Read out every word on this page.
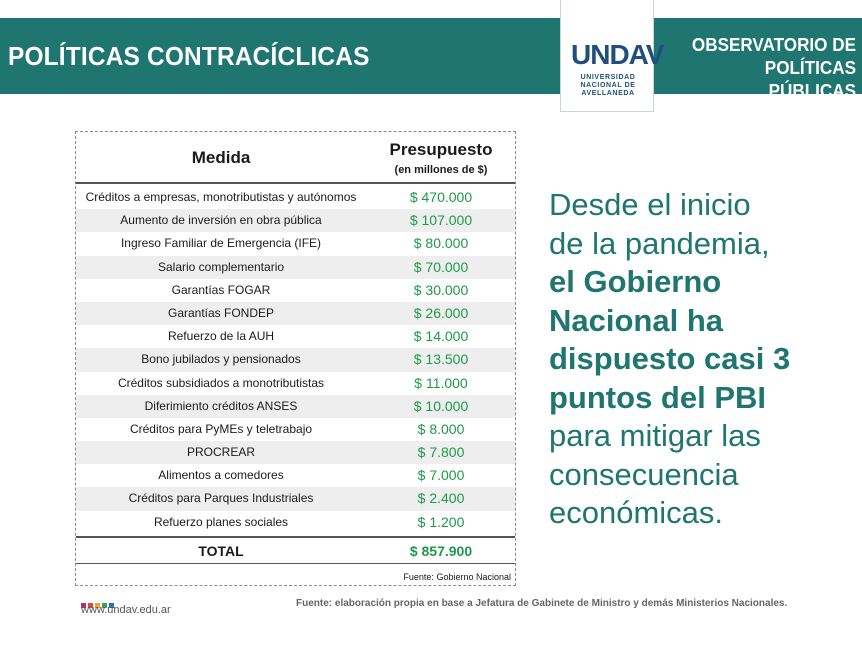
POLÍTICAS CONTRACÍCLICAS	UNDAV
UNIVERSIDAD
NACIONAL DE
AVELLANEDA
OBSERVATORIO DE
POLÍTICAS PÚBLICAS
Medida	Presupuesto
(en millones de $)
Créditos a empresas, monotributistas y autónomos	$ 470.000
Aumento de inversión en obra pública	$ 107.000
Ingreso Familiar de Emergencia (IFE)	$ 80.000
Salario complementario	$ 70.000
Garantías FOGAR	$ 30.000
Garantías FONDEP	$ 26.000
Refuerzo de la AUH	$ 14.000
Bono jubilados y pensionados	$ 13.500
Créditos subsidiados a monotributistas	$ 11.000
Diferimiento créditos ANSES	$ 10.000
Créditos para PyMEs y teletrabajo	$ 8.000
PROCREAR	$ 7.800
Alimentos a comedores	$ 7.000
Créditos para Parques Industriales	$ 2.400
Refuerzo planes sociales	$ 1.200
TOTAL	$ 857.900
Fuente: Gobierno Nacional
Desde el inicio
de la pandemia,
el Gobierno
Nacional ha
dispuesto casi 3
puntos del PBI
para mitigar las
consecuencia
económicas.
www.undav.edu.ar
Fuente: elaboración propia en base a Jefatura de Gabinete de Ministro y demás Ministerios Nacionales.
